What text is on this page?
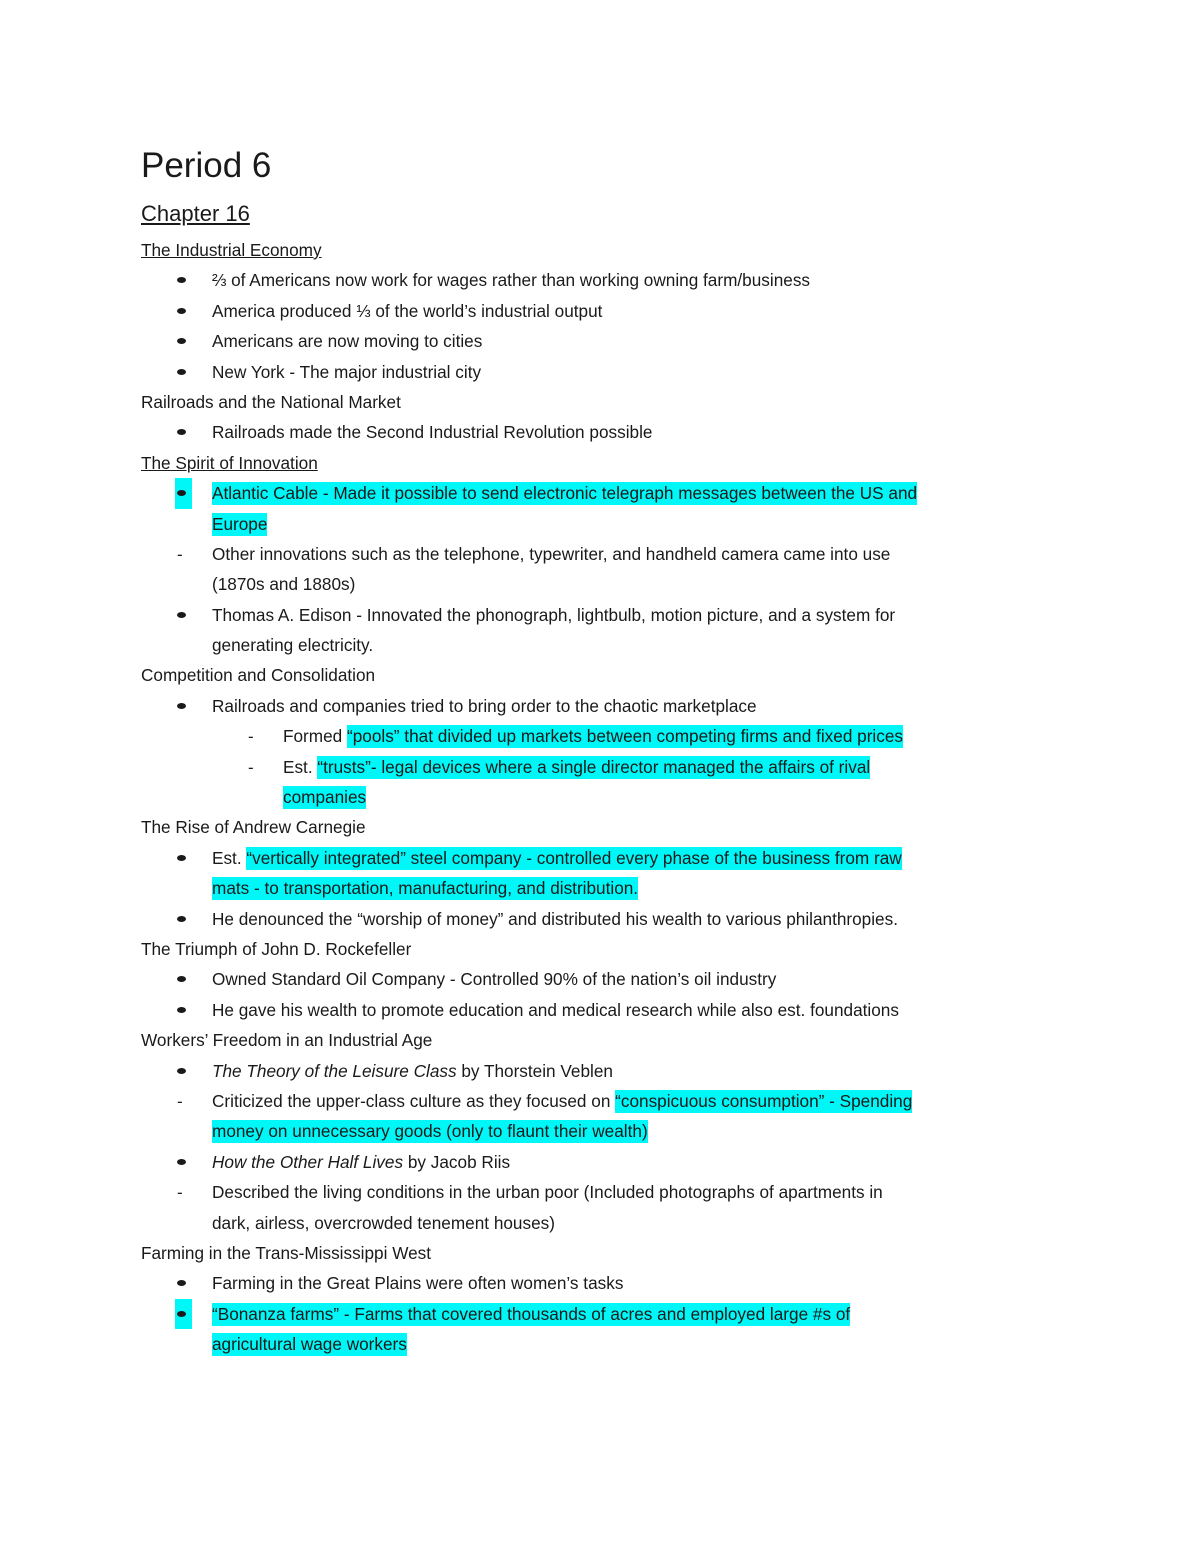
Period 6
Chapter 16
The Industrial Economy
⅔ of Americans now work for wages rather than working owning farm/business
America produced ⅓ of the world’s industrial output
Americans are now moving to cities
New York - The major industrial city
Railroads and the National Market
Railroads made the Second Industrial Revolution possible
The Spirit of Innovation
Atlantic Cable - Made it possible to send electronic telegraph messages between the US and
Europe
- Other innovations such as the telephone, typewriter, and handheld camera came into use
(1870s and 1880s)
Thomas A. Edison - Innovated the phonograph, lightbulb, motion picture, and a system for
generating electricity.
Competition and Consolidation
Railroads and companies tried to bring order to the chaotic marketplace
- Formed “pools” that divided up markets between competing firms and fixed prices
- Est. “trusts”- legal devices where a single director managed the affairs of rival
companies
The Rise of Andrew Carnegie
Est. “vertically integrated” steel company - controlled every phase of the business from raw
mats - to transportation, manufacturing, and distribution.
He denounced the “worship of money” and distributed his wealth to various philanthropies.
The Triumph of John D. Rockefeller
Owned Standard Oil Company - Controlled 90% of the nation’s oil industry
He gave his wealth to promote education and medical research while also est. foundations
Workers’ Freedom in an Industrial Age
The Theory of the Leisure Class by Thorstein Veblen
- Criticized the upper-class culture as they focused on “conspicuous consumption” - Spending
money on unnecessary goods (only to flaunt their wealth)
How the Other Half Lives by Jacob Riis
- Described the living conditions in the urban poor (Included photographs of apartments in
dark, airless, overcrowded tenement houses)
Farming in the Trans-Mississippi West
Farming in the Great Plains were often women’s tasks
“Bonanza farms” - Farms that covered thousands of acres and employed large #s of
agricultural wage workers
